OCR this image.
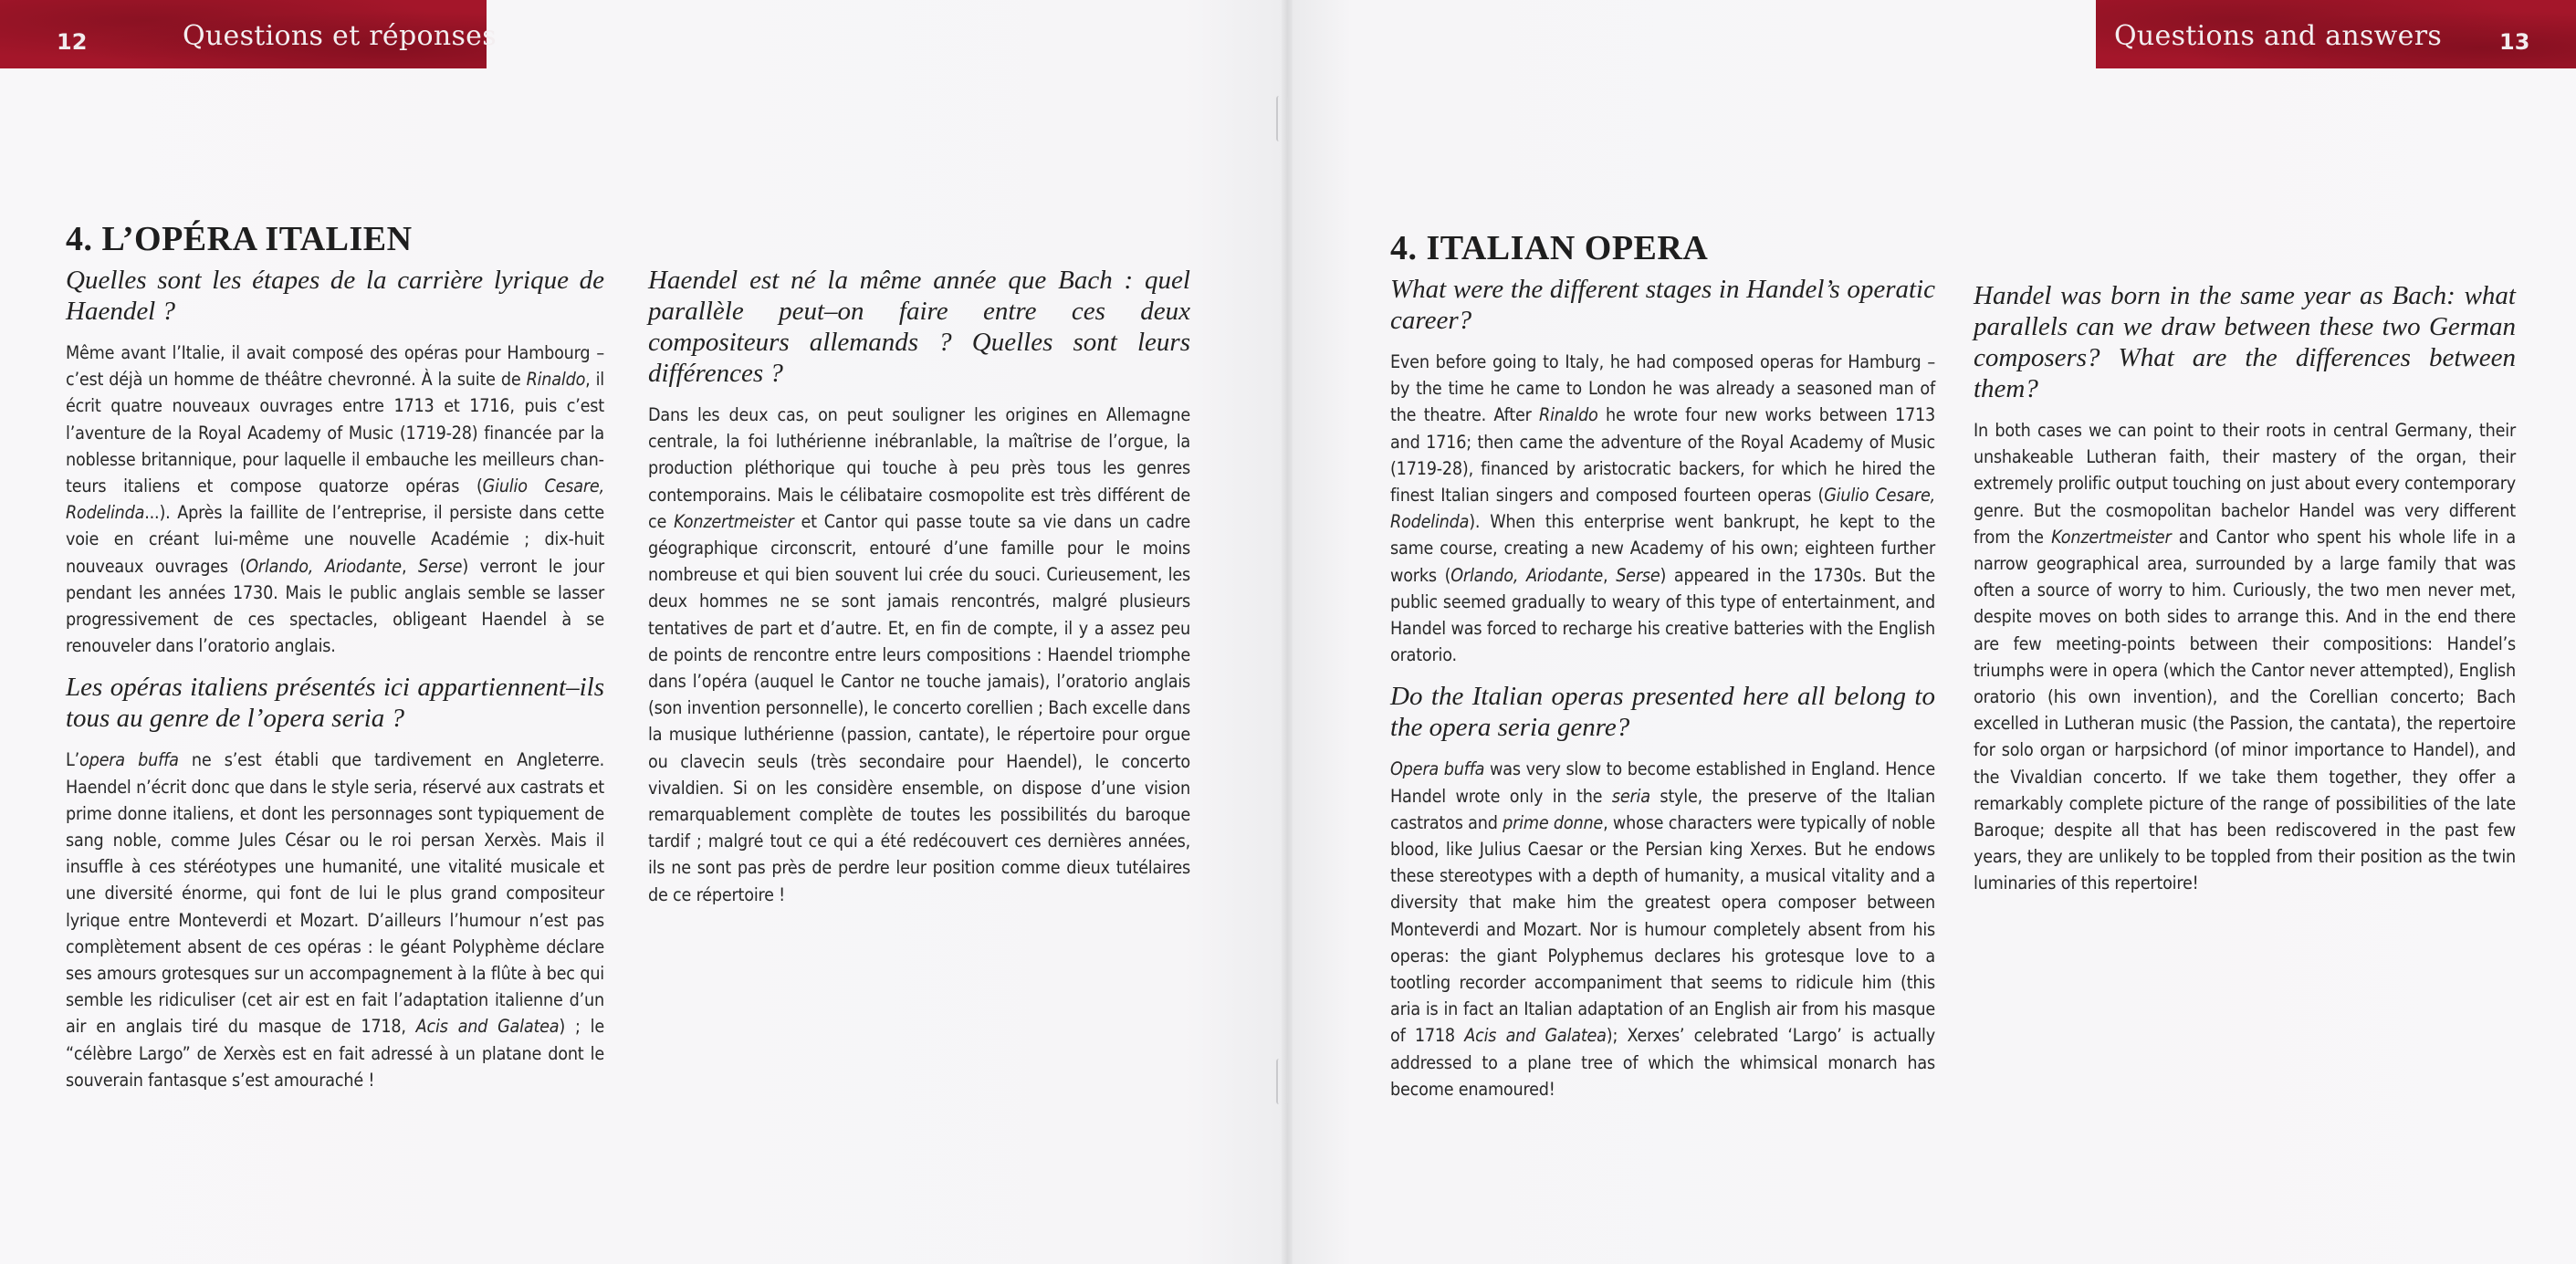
12	Questions et réponses
4. L’OPÉRA ITALIEN

Quelles sont les étapes de la carrière lyrique de Haendel ?

Même avant l’Italie, il avait composé des opéras pour Hambourg – c’est déjà un homme de théâtre chevronné. À la suite de Rinaldo, il écrit quatre nouveaux ouvrages entre 1713 et 1716, puis c’est l’aventure de la Royal Academy of Music (1719-28) financée par la noblesse britannique, pour laquelle il embauche les meilleurs chanteurs italiens et compose quatorze opéras (Giulio Cesare, Rodelinda...). Après la faillite de l’entreprise, il persiste dans cette voie en créant lui-même une nouvelle Académie ; dix-huit nouveaux ouvrages (Orlando, Ariodante, Serse) verront le jour pendant les années 1730. Mais le public anglais semble se lasser progressivement de ces spectacles, obligeant Haendel à se renouveler dans l’oratorio anglais.

Les opéras italiens présentés ici appartiennent–ils tous au genre de l’opera seria ?

L’opera buffa ne s’est établi que tardivement en Angleterre. Haendel n’écrit donc que dans le style seria, réservé aux castrats et prime donne italiens, et dont les personnages sont typiquement de sang noble, comme Jules César ou le roi persan Xerxès. Mais il insuffle à ces stéréotypes une humanité, une vitalité musicale et une diversité énorme, qui font de lui le plus grand compositeur lyrique entre Monteverdi et Mozart. D’ailleurs l’humour n’est pas complètement absent de ces opéras : le géant Polyphème déclare ses amours grotesques sur un accompagnement à la flûte à bec qui semble les ridiculiser (cet air est en fait l’adaptation italienne d’un air en anglais tiré du masque de 1718, Acis and Galatea) ; le “célèbre Largo” de Xerxès est en fait adressé à un platane dont le souverain fantasque s’est amouraché !

Haendel est né la même année que Bach : quel parallèle peut–on faire entre ces deux compositeurs allemands ? Quelles sont leurs différences ?

Dans les deux cas, on peut souligner les origines en Allemagne centrale, la foi luthérienne inébranlable, la maîtrise de l’orgue, la production pléthorique qui touche à peu près tous les genres contemporains. Mais le célibataire cosmopolite est très différent de ce Konzertmeister et Cantor qui passe toute sa vie dans un cadre géographique circonscrit, entouré d’une famille pour le moins nombreuse et qui bien souvent lui crée du souci. Curieusement, les deux hommes ne se sont jamais rencontrés, malgré plusieurs tentatives de part et d’autre. Et, en fin de compte, il y a assez peu de points de rencontre entre leurs compositions : Haendel triomphe dans l’opéra (auquel le Cantor ne touche jamais), l’oratorio anglais (son invention personnelle), le concerto corellien ; Bach excelle dans la musique luthérienne (passion, cantate), le répertoire pour orgue ou clavecin seuls (très secondaire pour Haendel), le concerto vivaldien. Si on les considère ensemble, on dispose d’une vision remarquablement complète de toutes les possibilités du baroque tardif ; malgré tout ce qui a été redécouvert ces dernières années, ils ne sont pas près de perdre leur position comme dieux tutélaires de ce répertoire !

Questions and answers	13
4. ITALIAN OPERA

What were the different stages in Handel’s operatic career?

Even before going to Italy, he had composed operas for Hamburg – by the time he came to London he was already a seasoned man of the theatre. After Rinaldo he wrote four new works between 1713 and 1716; then came the adventure of the Royal Academy of Music (1719-28), financed by aristocratic backers, for which he hired the finest Italian singers and composed fourteen operas (Giulio Cesare, Rodelinda). When this enterprise went bankrupt, he kept to the same course, creating a new Academy of his own; eighteen further works (Orlando, Ariodante, Serse) appeared in the 1730s. But the public seemed gradually to weary of this type of entertainment, and Handel was forced to recharge his creative batteries with the English oratorio.

Do the Italian operas presented here all belong to the opera seria genre?

Opera buffa was very slow to become established in England. Hence Handel wrote only in the seria style, the preserve of the Italian castratos and prime donne, whose characters were typically of noble blood, like Julius Caesar or the Persian king Xerxes. But he endows these stereotypes with a depth of humanity, a musical vitality and a diversity that make him the greatest opera composer between Monteverdi and Mozart. Nor is humour completely absent from his operas: the giant Polyphemus declares his grotesque love to a tootling recorder accompaniment that seems to ridicule him (this aria is in fact an Italian adaptation of an English air from his masque of 1718 Acis and Galatea); Xerxes’ celebrated ‘Largo’ is actually addressed to a plane tree of which the whimsical monarch has become enamoured!

Handel was born in the same year as Bach: what parallels can we draw between these two German composers? What are the differences between them?

In both cases we can point to their roots in central Germany, their unshakeable Lutheran faith, their mastery of the organ, their extremely prolific output touching on just about every contemporary genre. But the cosmopolitan bachelor Handel was very different from the Konzertmeister and Cantor who spent his whole life in a narrow geographical area, surrounded by a large family that was often a source of worry to him. Curiously, the two men never met, despite moves on both sides to arrange this. And in the end there are few meeting-points between their compositions: Handel’s triumphs were in opera (which the Cantor never attempted), English oratorio (his own invention), and the Corellian concerto; Bach excelled in Lutheran music (the Passion, the cantata), the repertoire for solo organ or harpsichord (of minor importance to Handel), and the Vivaldian concerto. If we take them together, they offer a remarkably complete picture of the range of possibilities of the late Baroque; despite all that has been rediscovered in the past few years, they are unlikely to be toppled from their position as the twin luminaries of this repertoire!
